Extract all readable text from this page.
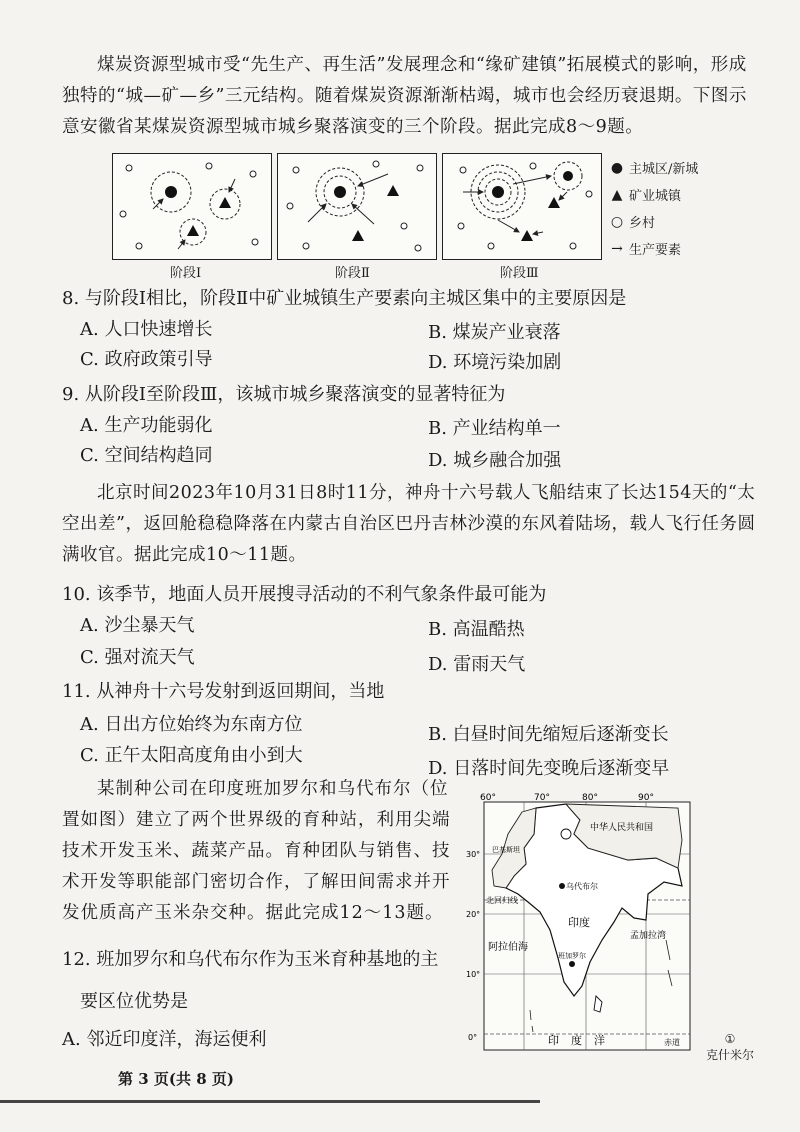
煤炭资源型城市受“先生产、再生活”发展理念和“缘矿建镇”拓展模式的影响，形成独特的“城—矿—乡”三元结构。随着煤炭资源渐渐枯竭，城市也会经历衰退期。下图示意安徽省某煤炭资源型城市城乡聚落演变的三个阶段。据此完成8～9题。

阶段Ⅰ	阶段Ⅱ	阶段Ⅲ
● 主城区/新城
▲ 矿业城镇
○ 乡村
→ 生产要素

8. 与阶段Ⅰ相比，阶段Ⅱ中矿业城镇生产要素向主城区集中的主要原因是

A. 人口快速增长	B. 煤炭产业衰落

C. 政府政策引导	D. 环境污染加剧

9. 从阶段Ⅰ至阶段Ⅲ，该城市城乡聚落演变的显著特征为

A. 生产功能弱化	B. 产业结构单一

C. 空间结构趋同	D. 城乡融合加强

北京时间2023年10月31日8时11分，神舟十六号载人飞船结束了长达154天的“太空出差”，返回舱稳稳降落在内蒙古自治区巴丹吉林沙漠的东风着陆场，载人飞行任务圆满收官。据此完成10～11题。

10. 该季节，地面人员开展搜寻活动的不利气象条件最可能为

A. 沙尘暴天气	B. 高温酷热

C. 强对流天气	D. 雷雨天气

11. 从神舟十六号发射到返回期间，当地

A. 日出方位始终为东南方位	B. 白昼时间先缩短后逐渐变长

C. 正午太阳高度角由小到大

D. 日落时间先变晚后逐渐变早

某制种公司在印度班加罗尔和乌代布尔（位置如图）建立了两个世界级的育种站，利用尖端技术开发玉米、蔬菜产品。育种团队与销售、技术开发等职能部门密切合作，了解田间需求并开发优质高产玉米杂交种。据此完成12～13题。

12. 班加罗尔和乌代布尔作为玉米育种基地的主

要区位优势是

A. 邻近印度洋，海运便利

60°	70°	80°	90°
30°
20°
10°
0°
中华人民共和国
巴基斯坦
乌代布尔
北回归线
阿拉伯海
印度
孟加拉湾
班加罗尔
印度洋	赤道	①
克什米尔
第 3 页(共 8 页)
